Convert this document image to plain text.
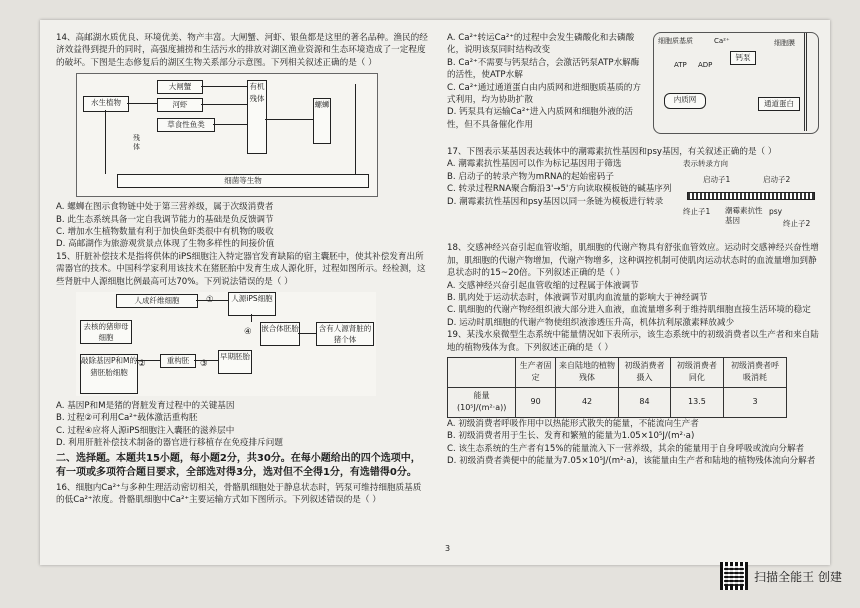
14、高邮湖水质优良、环境优美、物产丰富。大闸蟹、河虾、银鱼都是这里的著名品种。渔民的经济效益得到提升的同时，高强度捕捞和生活污水的排放对湖区渔业资源和生态环境造成了一定程度的破坏。下图是生态修复后的湖区生物关系部分示意图。下列相关叙述正确的是（ ）

水生植物
大闸蟹
河虾
草食性鱼类
有机残体
螺蛳
残体
细菌等生物

A. 螺蛳在图示食物链中处于第三营养级，属于次级消费者

B. 此生态系统具备一定自我调节能力的基础是负反馈调节

C. 增加水生植物数量有利于加快鱼虾类很中有机物的吸收

D. 高邮湖作为旅游观赏景点体现了生物多样性的间接价值

15、肝脏补偿技术是指将供体的iPS细胞注入特定器官发育缺陷的宿主囊胚中，使其补偿发育出所需器官的技术。中国科学家利用该技术在猪胚胎中发育生成人源化肝，过程如图所示。经检测，这些肾脏中人源细胞比例最高可达70%。下列说法错误的是（ ）

人成纤维细胞	人源iPS细胞
去核的猪卵母细胞
嵌合体胚胎	含有人源肾脏的猪个体
敲除基因P和M的猪胚胎细胞
重构胚	早期胚胎
①
②	③
④

A. 基因P和M是猪的肾脏发育过程中的关键基因

B. 过程②可利用Ca²⁺载体激活重构胚

C. 过程④应将人源iPS细胞注入囊胚的滋养层中

D. 利用肝脏补偿技术制备的器官进行移植存在免疫排斥问题

二、选择题。本题共15小题，每小题2分，共30分。在每小题给出的四个选项中，有一项或多项符合题目要求，全部选对得3分，选对但不全得1分，有选错得0分。

16、细胞内Ca²⁺与多种生理活动密切相关，骨骼肌细胞处于静息状态时，钙泵可维持细胞质基质的低Ca²⁺浓度。骨骼肌细胞中Ca²⁺主要运输方式如下图所示。下列叙述错误的是（ ）

A. Ca²⁺转运Ca²⁺的过程中会发生磷酸化和去磷酸化，说明该泵同时结构改变

B. Ca²⁺不需要与钙泵结合，会激活钙泵ATP水解酶的活性，使ATP水解

C. Ca²⁺通过通道蛋白由内质网和进细胞质基质的方式利用，均为协助扩散

D. 钙泵具有运输Ca²⁺进入内质网和细胞外液的活性，但不具备催化作用

细胞质基质	Ca²⁺
ATP ADP
钙泵
内质网	通道蛋白
细胞膜

17、下图表示某基因表达载体中的潮霉素抗性基因和psy基因，有关叙述正确的是（ ）

A. 潮霉素抗性基因可以作为标记基因用于筛选

B. 启动子的转录产物为mRNA的起始密码子

C. 转录过程RNA聚合酶沿3'→5'方向读取模板链的碱基序列

D. 潮霉素抗性基因和psy基因以同一条链为模板进行转录

表示转录方向
启动子1	启动子2
终止子1 潮霉素抗性基因
psy
终止子2

18、交感神经兴奋引起血管收缩，肌细胞的代谢产物具有舒张血管效应。运动时交感神经兴奋性增加，肌细胞的代谢产物增加，代谢产物增多，这种调控机制可使肌肉运动状态时的血流量增加到静息状态时的15~20倍。下列叙述正确的是（ ）

A. 交感神经兴奋引起血管收缩的过程属于体液调节

B. 肌肉处于运动状态时，体液调节对肌肉血流量的影响大于神经调节

C. 肌细胞的代谢产物经组织液大部分进入血液，血流量增多利于维持肌细胞直接生活环境的稳定

D. 运动时肌细胞的代谢产物使组织液渗透压升高，机体抗利尿激素释放减少

19、某浅水泉微型生态系统中能量情况如下表所示，该生态系统中的初级消费者以生产者和来自陆地的植物残体为食。下列叙述正确的是（ ）

	生产者固定	来自陆地的植物残体	初级消费者摄入	初级消费者同化	初级消费者呼吸消耗
能量(10⁵J/(m²·a))	90	42	84	13.5	3

A. 初级消费者呼吸作用中以热能形式散失的能量，不能流向生产者

B. 初级消费者用于生长、发育和繁殖的能量为1.05×10⁵J/(m²·a)

C. 该生态系统的生产者有15%的能量流入下一营养级，其余的能量用于自身呼吸或流向分解者

D. 初级消费者粪便中的能量为7.05×10⁵J/(m²·a)，该能量由生产者和陆地的植物残体流向分解者

3
扫描全能王 创建
